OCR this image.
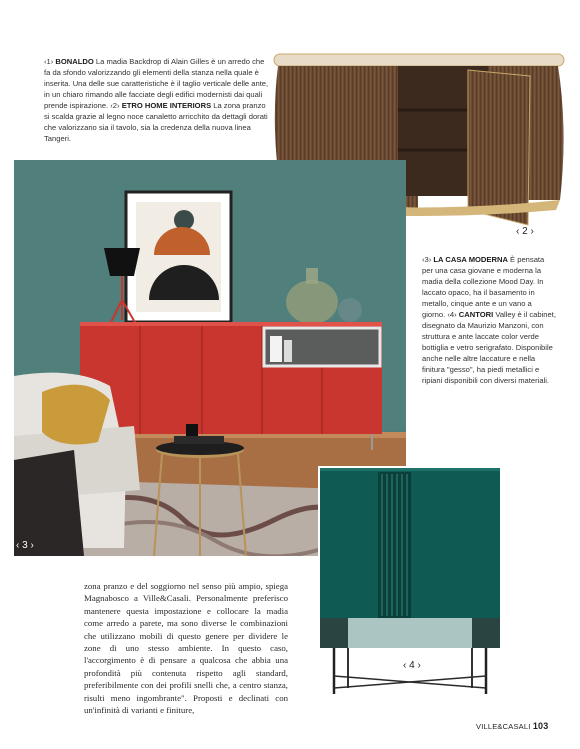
‹1› BONALDO La madia Backdrop di Alain Gilles è un arredo che fa da sfondo valorizzando gli elementi della stanza nella quale è inserita. Una delle sue caratteristiche è il taglio verticale delle ante, in un chiaro rimando alle facciate degli edifici modernisti dai quali prende ispirazione. ‹2› ETRO HOME INTERIORS La zona pranzo si scalda grazie al legno noce canaletto arricchito da dettagli dorati che valorizzano sia il tavolo, sia la credenza della nuova linea Tangeri.
‹ 2 ›
‹ 3 ›
‹3› LA CASA MODERNA È pensata per una casa giovane e moderna la madia della collezione Mood Day. In laccato opaco, ha il basamento in metallo, cinque ante e un vano a giorno. ‹4› CANTORI Valley è il cabinet, disegnato da Maurizio Manzoni, con struttura e ante laccate color verde bottiglia e vetro serigrafato. Disponibile anche nelle altre laccature e nella finitura "gesso", ha piedi metallici e ripiani disponibili con diversi materiali.
‹ 4 ›
zona pranzo e del soggiorno nel senso più ampio, spiega Magnabosco a Ville&Casali. Personalmente preferisco mantenere questa impostazione e collocare la madia come arredo a parete, ma sono diverse le combinazioni che utilizzano mobili di questo genere per dividere le zone di uno stesso ambiente. In questo caso, l'accorgimento è di pensare a qualcosa che abbia una profondità più contenuta rispetto agli standard, preferibilmente con dei profili snelli che, a centro stanza, risulti meno ingombrante". Proposti e declinati con un'infinità di varianti e finiture,
VILLE&CASALI 103
